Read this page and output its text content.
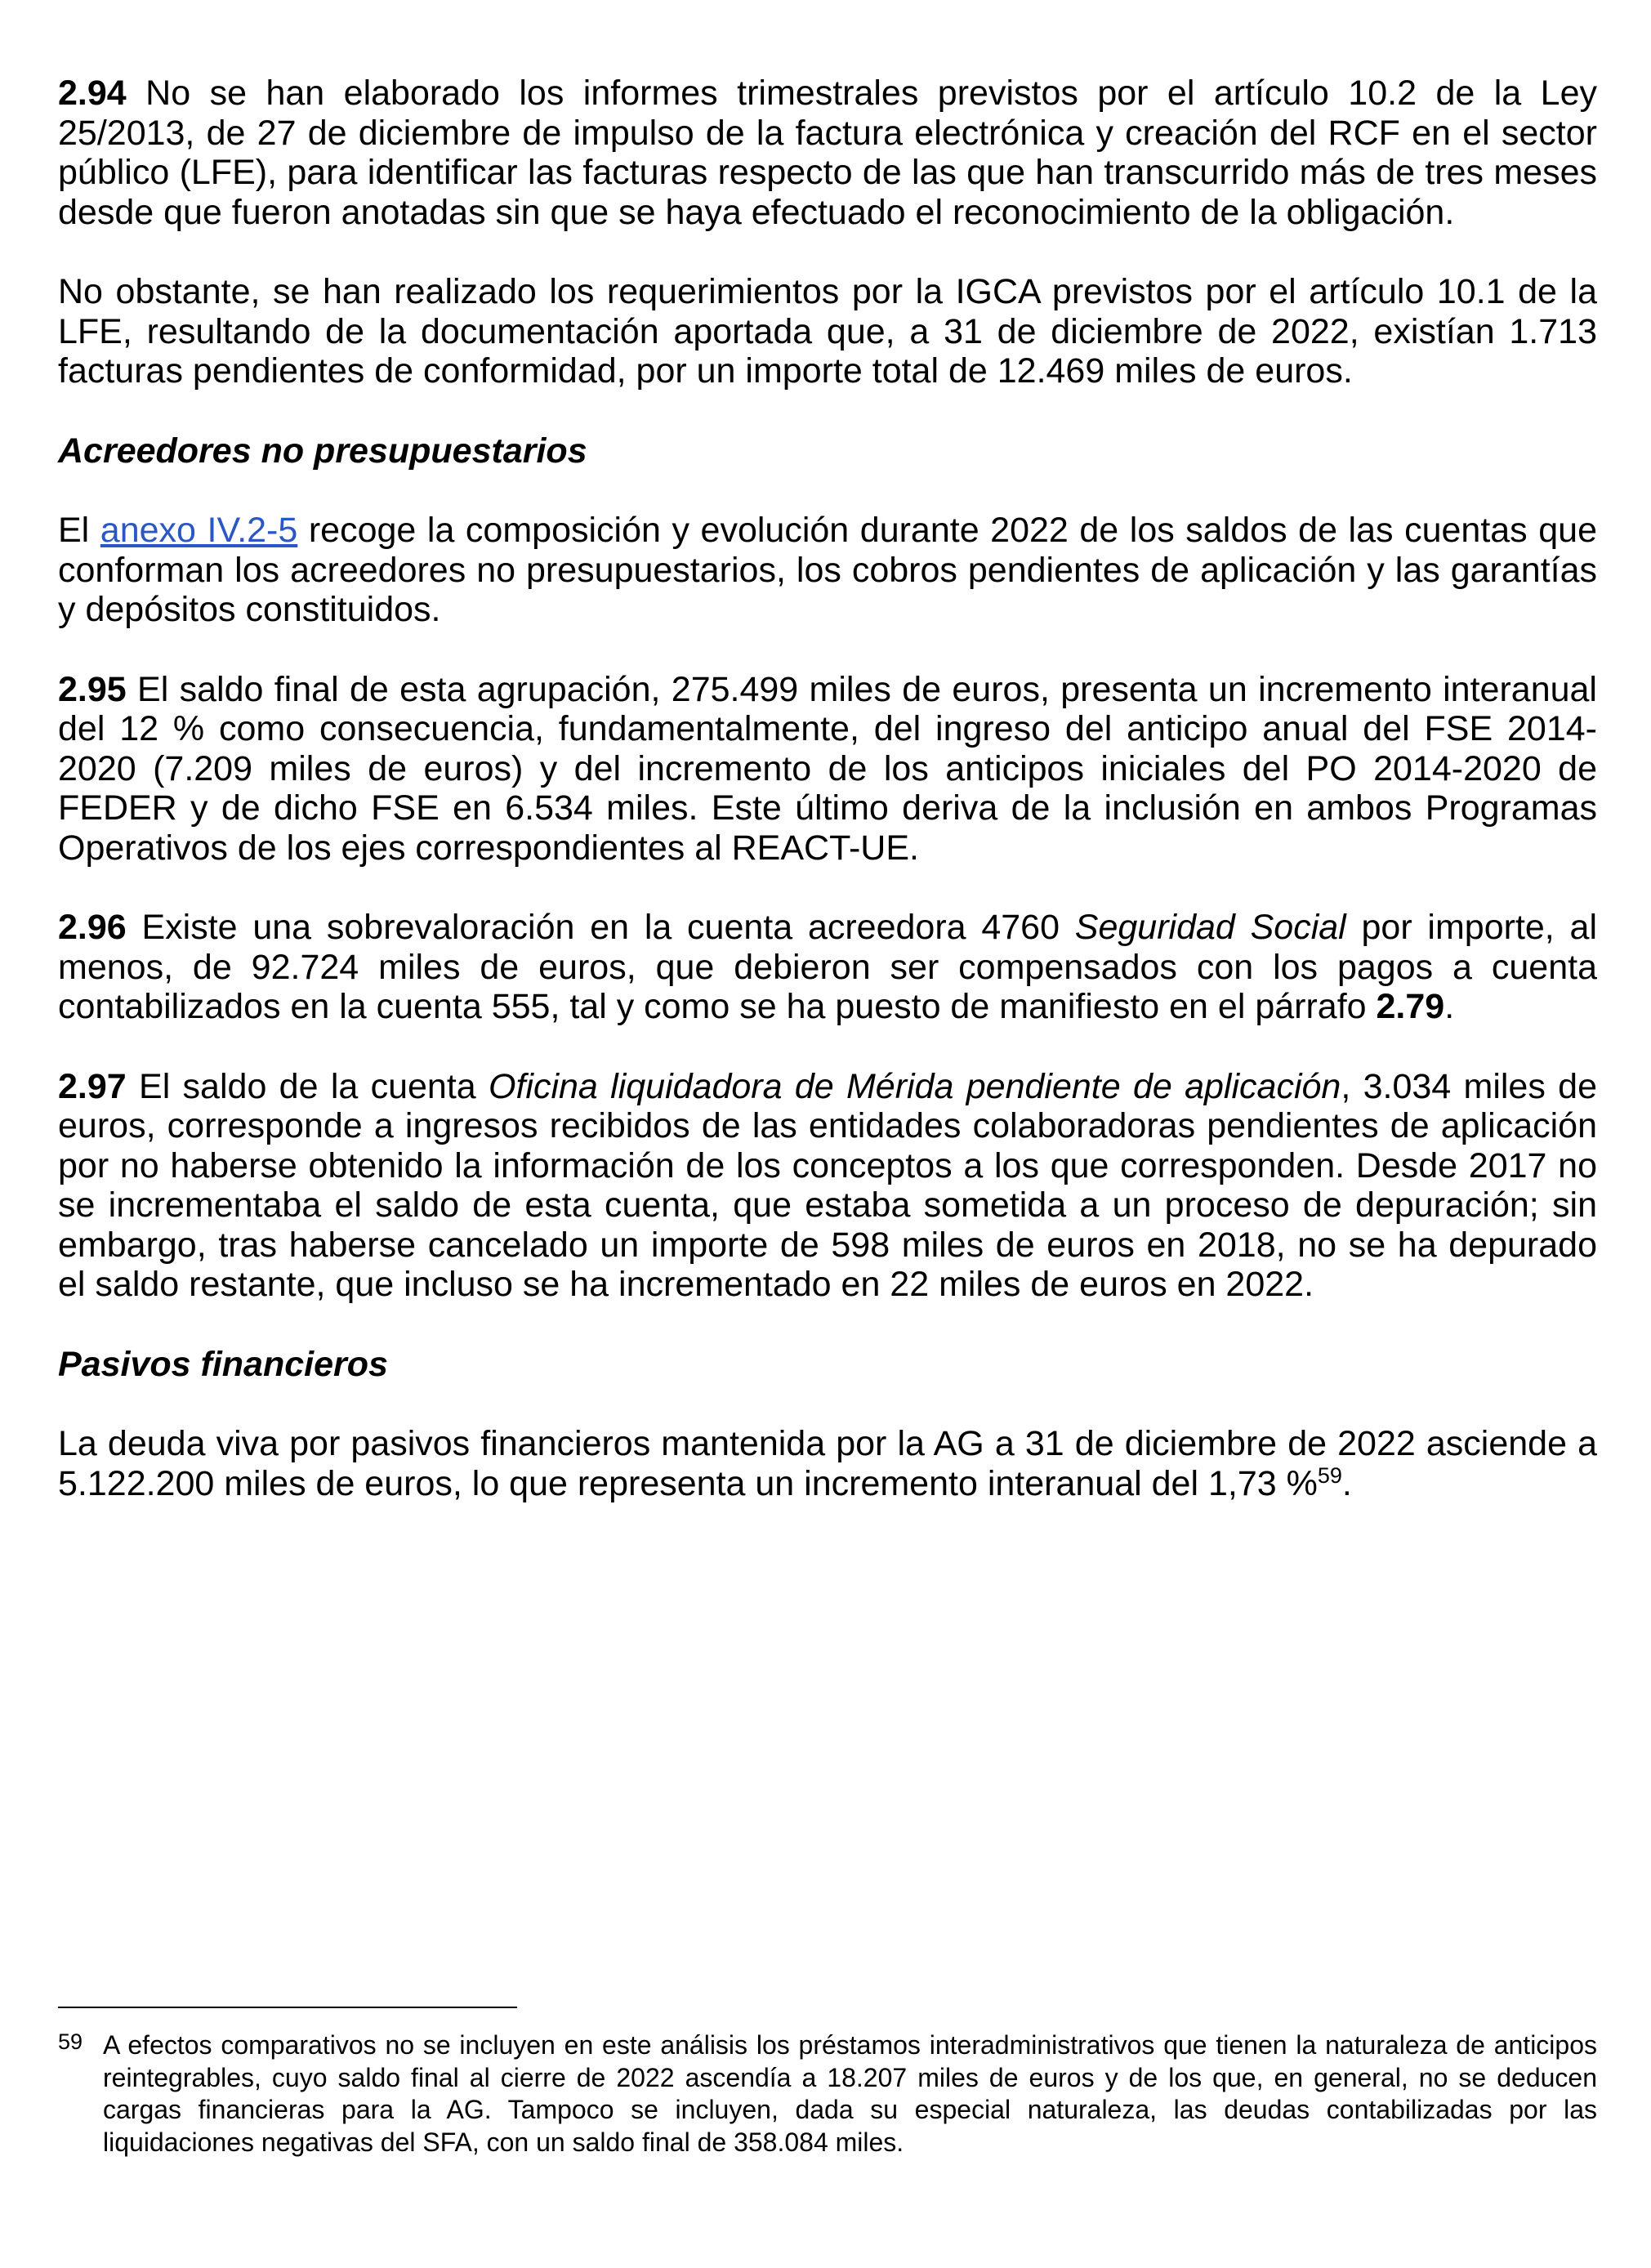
2.94 No se han elaborado los informes trimestrales previstos por el artículo 10.2 de la Ley 25/2013, de 27 de diciembre de impulso de la factura electrónica y creación del RCF en el sector público (LFE), para identificar las facturas respecto de las que han transcurrido más de tres meses desde que fueron anotadas sin que se haya efectuado el reconocimiento de la obligación.

No obstante, se han realizado los requerimientos por la IGCA previstos por el artículo 10.1 de la LFE, resultando de la documentación aportada que, a 31 de diciembre de 2022, existían 1.713 facturas pendientes de conformidad, por un importe total de 12.469 miles de euros.

Acreedores no presupuestarios

El anexo IV.2-5 recoge la composición y evolución durante 2022 de los saldos de las cuentas que conforman los acreedores no presupuestarios, los cobros pendientes de aplicación y las garantías y depósitos constituidos.

2.95 El saldo final de esta agrupación, 275.499 miles de euros, presenta un incremento interanual del 12 % como consecuencia, fundamentalmente, del ingreso del anticipo anual del FSE 2014-2020 (7.209 miles de euros) y del incremento de los anticipos iniciales del PO 2014-2020 de FEDER y de dicho FSE en 6.534 miles. Este último deriva de la inclusión en ambos Programas Operativos de los ejes correspondientes al REACT-UE.

2.96 Existe una sobrevaloración en la cuenta acreedora 4760 Seguridad Social por importe, al menos, de 92.724 miles de euros, que debieron ser compensados con los pagos a cuenta contabilizados en la cuenta 555, tal y como se ha puesto de manifiesto en el párrafo 2.79.

2.97 El saldo de la cuenta Oficina liquidadora de Mérida pendiente de aplicación, 3.034 miles de euros, corresponde a ingresos recibidos de las entidades colaboradoras pendientes de aplicación por no haberse obtenido la información de los conceptos a los que corresponden. Desde 2017 no se incrementaba el saldo de esta cuenta, que estaba sometida a un proceso de depuración; sin embargo, tras haberse cancelado un importe de 598 miles de euros en 2018, no se ha depurado el saldo restante, que incluso se ha incrementado en 22 miles de euros en 2022.

Pasivos financieros

La deuda viva por pasivos financieros mantenida por la AG a 31 de diciembre de 2022 asciende a 5.122.200 miles de euros, lo que representa un incremento interanual del 1,73 %$^{59}$.

59 A efectos comparativos no se incluyen en este análisis los préstamos interadministrativos que tienen la naturaleza de anticipos reintegrables, cuyo saldo final al cierre de 2022 ascendía a 18.207 miles de euros y de los que, en general, no se deducen cargas financieras para la AG. Tampoco se incluyen, dada su especial naturaleza, las deudas contabilizadas por las liquidaciones negativas del SFA, con un saldo final de 358.084 miles.
